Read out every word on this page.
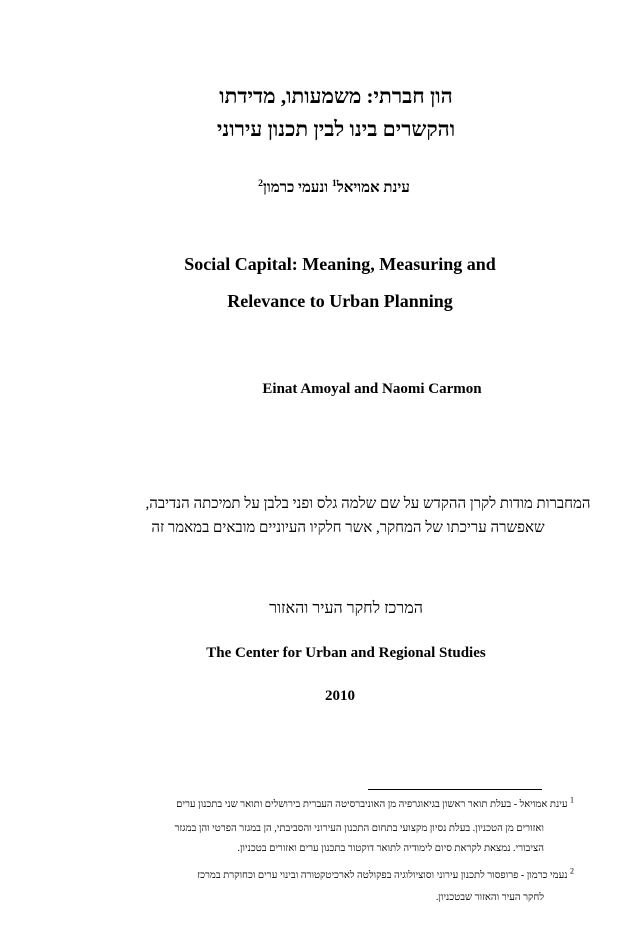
הון חברתי: משמעותו, מדידתו
והקשרים בינו לבין תכנון עירוני
עינת אמויאל$^1$ ונעמי כרמון$^2$
Social Capital: Meaning, Measuring and
Relevance to Urban Planning
Einat Amoyal and Naomi Carmon
המחברות מודות לקרן ההקדש על שם שלמה גלס ופני בלבן על תמיכתה הנדיבה,
שאפשרה עריכתו של המחקר, אשר חלקיו העיוניים מובאים במאמר זה
המרכז לחקר העיר והאזור
The Center for Urban and Regional Studies
2010
$^1$ עינת אמויאל - בעלת תואר ראשון בגיאוגרפיה מן האוניברסיטה העברית בירושלים ותואר שני בתכנון ערים
ואזורים מן הטכניון. בעלת נסיון מקצועי בתחום התכנון העירוני והסביבתי, הן במגזר הפרטי והן במגזר
הציבורי. נמצאת לקראת סיום לימודיה לתואר דוקטור בתכנון ערים ואזורים בטכניון.
$^2$ נעמי כרמון - פרופסור לתכנון עירוני וסוציולוגיה בפקולטה לארכיטקטורה ובינוי ערים וכחוקרת במרכז
לחקר העיר והאזור שבטכניון.
